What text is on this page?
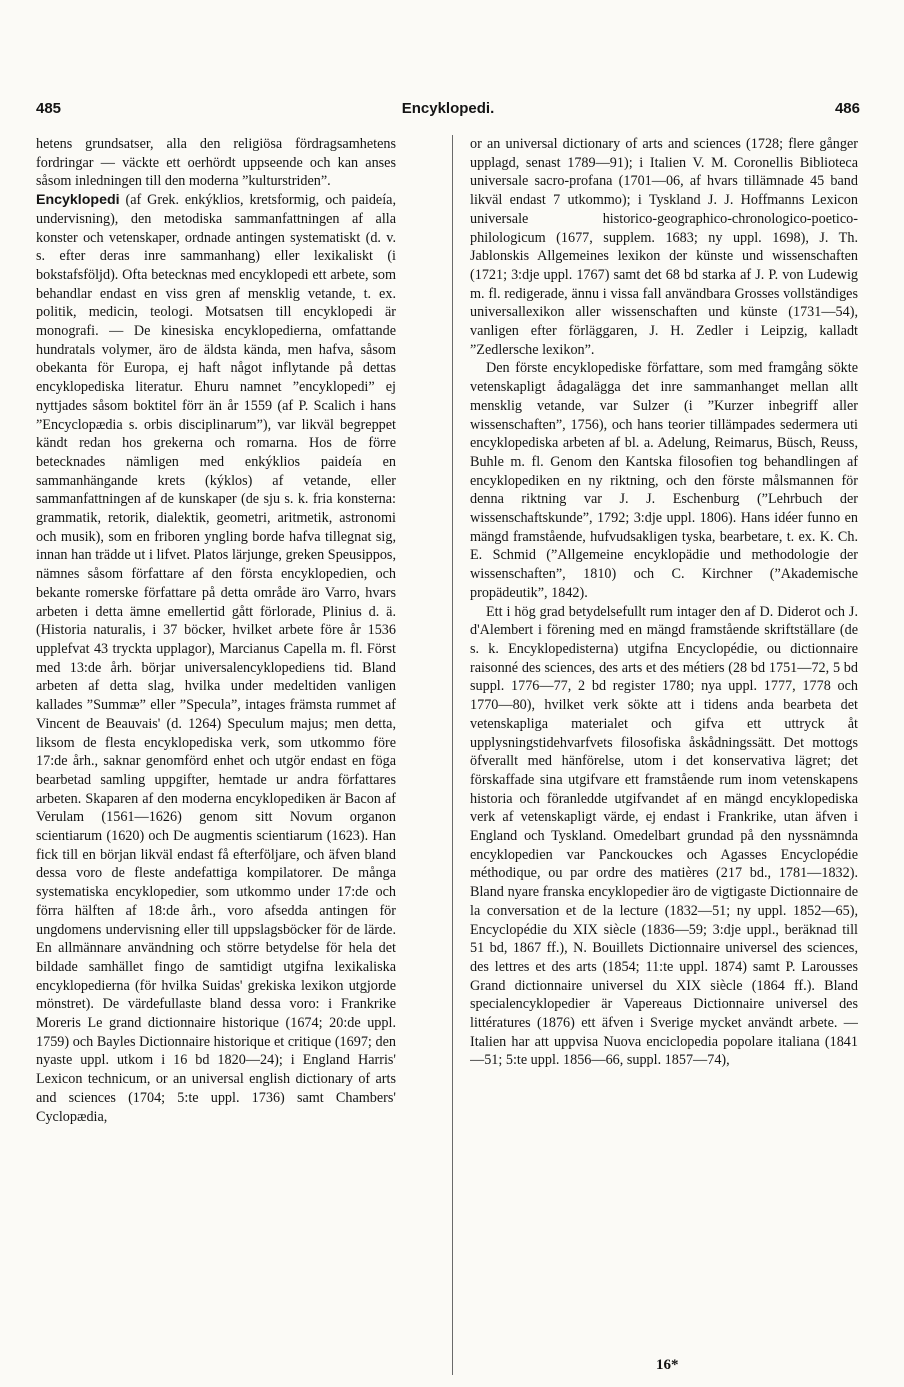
485	Encyklopedi.	486

hetens grundsatser, alla den religiösa fördragsamhetens fordringar — väckte ett oerhördt uppseende och kan anses såsom inledningen till den moderna ”kulturstriden”.

Encyklopedi (af Grek. enkýklios, kretsformig, och paideía, undervisning), den metodiska sammanfattningen af alla konster och vetenskaper, ordnade antingen systematiskt (d. v. s. efter deras inre sammanhang) eller lexikaliskt (i bokstafsföljd). Ofta betecknas med encyklopedi ett arbete, som behandlar endast en viss gren af mensklig vetande, t. ex. politik, medicin, teologi. Motsatsen till encyklopedi är monografi. — De kinesiska encyklopedierna, omfattande hundratals volymer, äro de äldsta kända, men hafva, såsom obekanta för Europa, ej haft något inflytande på dettas encyklopediska literatur. Ehuru namnet ”encyklopedi” ej nyttjades såsom boktitel förr än år 1559 (af P. Scalich i hans ”Encyclopædia s. orbis disciplinarum”), var likväl begreppet kändt redan hos grekerna och romarna. Hos de förre betecknades nämligen med enkýklios paideía en sammanhängande krets (kýklos) af vetande, eller sammanfattningen af de kunskaper (de sju s. k. fria konsterna: grammatik, retorik, dialektik, geometri, aritmetik, astronomi och musik), som en friboren yngling borde hafva tillegnat sig, innan han trädde ut i lifvet. Platos lärjunge, greken Speusippos, nämnes såsom författare af den första encyklopedien, och bekante romerske författare på detta område äro Varro, hvars arbeten i detta ämne emellertid gått förlorade, Plinius d. ä. (Historia naturalis, i 37 böcker, hvilket arbete före år 1536 upplefvat 43 tryckta upplagor), Marcianus Capella m. fl. Först med 13:de årh. börjar universalencyklopediens tid. Bland arbeten af detta slag, hvilka under medeltiden vanligen kallades ”Summæ” eller ”Specula”, intages främsta rummet af Vincent de Beauvais' (d. 1264) Speculum majus; men detta, liksom de flesta encyklopediska verk, som utkommo före 17:de årh., saknar genomförd enhet och utgör endast en föga bearbetad samling uppgifter, hemtade ur andra författares arbeten. Skaparen af den moderna encyklopediken är Bacon af Verulam (1561—1626) genom sitt Novum organon scientiarum (1620) och De augmentis scientiarum (1623). Han fick till en början likväl endast få efterföljare, och äfven bland dessa voro de fleste andefattiga kompilatorer. De många systematiska encyklopedier, som utkommo under 17:de och förra hälften af 18:de årh., voro afsedda antingen för ungdomens undervisning eller till uppslagsböcker för de lärde. En allmännare användning och större betydelse för hela det bildade samhället fingo de samtidigt utgifna lexikaliska encyklopedierna (för hvilka Suidas' grekiska lexikon utgjorde mönstret). De värdefullaste bland dessa voro: i Frankrike Moreris Le grand dictionnaire historique (1674; 20:de uppl. 1759) och Bayles Dictionnaire historique et critique (1697; den nyaste uppl. utkom i 16 bd 1820—24); i England Harris' Lexicon technicum, or an universal english dictionary of arts and sciences (1704; 5:te uppl. 1736) samt Chambers' Cyclopædia,

or an universal dictionary of arts and sciences (1728; flere gånger upplagd, senast 1789—91); i Italien V. M. Coronellis Biblioteca universale sacro-profana (1701—06, af hvars tillämnade 45 band likväl endast 7 utkommo); i Tyskland J. J. Hoffmanns Lexicon universale historico-geographico-chronologico-poetico-philologicum (1677, supplem. 1683; ny uppl. 1698), J. Th. Jablonskis Allgemeines lexikon der künste und wissenschaften (1721; 3:dje uppl. 1767) samt det 68 bd starka af J. P. von Ludewig m. fl. redigerade, ännu i vissa fall användbara Grosses vollständiges universallexikon aller wissenschaften und künste (1731—54), vanligen efter förläggaren, J. H. Zedler i Leipzig, kalladt ”Zedlersche lexikon”.

Den förste encyklopediske författare, som med framgång sökte vetenskapligt ådagalägga det inre sammanhanget mellan allt mensklig vetande, var Sulzer (i ”Kurzer inbegriff aller wissenschaften”, 1756), och hans teorier tillämpades sedermera uti encyklopediska arbeten af bl. a. Adelung, Reimarus, Büsch, Reuss, Buhle m. fl. Genom den Kantska filosofien tog behandlingen af encyklopediken en ny riktning, och den förste målsmannen för denna riktning var J. J. Eschenburg (”Lehrbuch der wissenschaftskunde”, 1792; 3:dje uppl. 1806). Hans idéer funno en mängd framstående, hufvudsakligen tyska, bearbetare, t. ex. K. Ch. E. Schmid (”Allgemeine encyklopädie und methodologie der wissenschaften”, 1810) och C. Kirchner (”Akademische propädeutik”, 1842).

Ett i hög grad betydelsefullt rum intager den af D. Diderot och J. d'Alembert i förening med en mängd framstående skriftställare (de s. k. Encyklopedisterna) utgifna Encyclopédie, ou dictionnaire raisonné des sciences, des arts et des métiers (28 bd 1751—72, 5 bd suppl. 1776—77, 2 bd register 1780; nya uppl. 1777, 1778 och 1770—80), hvilket verk sökte att i tidens anda bearbeta det vetenskapliga materialet och gifva ett uttryck åt upplysningstidehvarfvets filosofiska åskådningssätt. Det mottogs öfverallt med hänförelse, utom i det konservativa lägret; det förskaffade sina utgifvare ett framstående rum inom vetenskapens historia och föranledde utgifvandet af en mängd encyklopediska verk af vetenskapligt värde, ej endast i Frankrike, utan äfven i England och Tyskland. Omedelbart grundad på den nyssnämnda encyklopedien var Panckouckes och Agasses Encyclopédie méthodique, ou par ordre des matières (217 bd., 1781—1832). Bland nyare franska encyklopedier äro de vigtigaste Dictionnaire de la conversation et de la lecture (1832—51; ny uppl. 1852—65), Encyclopédie du XIX siècle (1836—59; 3:dje uppl., beräknad till 51 bd, 1867 ff.), N. Bouillets Dictionnaire universel des sciences, des lettres et des arts (1854; 11:te uppl. 1874) samt P. Larousses Grand dictionnaire universel du XIX siècle (1864 ff.). Bland specialencyklopedier är Vapereaus Dictionnaire universel des littératures (1876) ett äfven i Sverige mycket användt arbete. — Italien har att uppvisa Nuova enciclopedia popolare italiana (1841—51; 5:te uppl. 1856—66, suppl. 1857—74),

16*
